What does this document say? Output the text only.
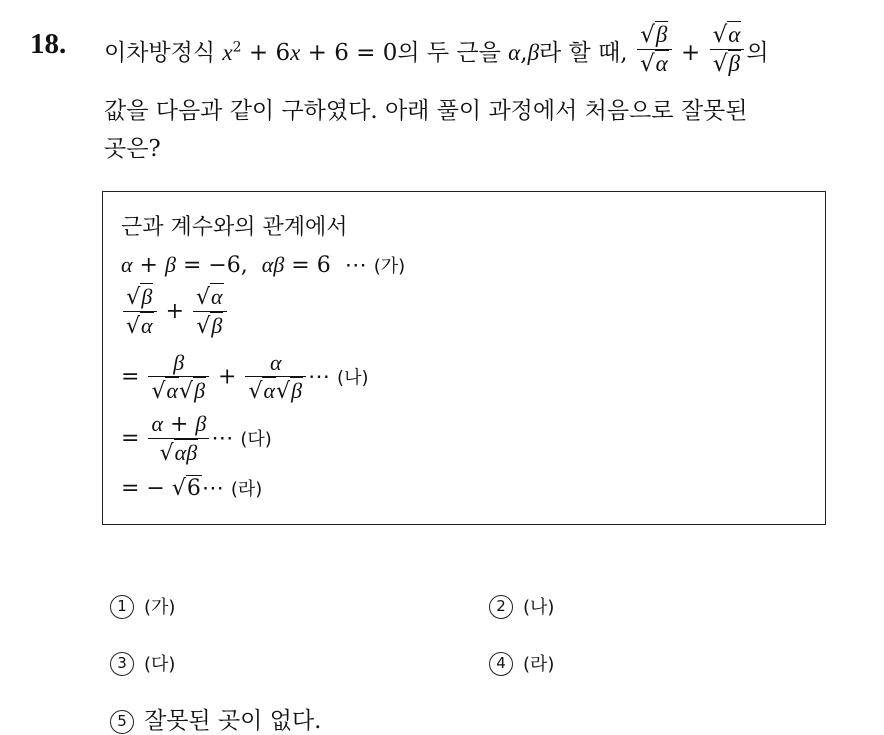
18. 이차방정식 $x^2 + 6x + 6 = 0$의 두 근을 α,β라 할 때, $\frac{√\beta}{√\alpha} + \frac{√\alpha}{√\beta}$ 의
값을 다음과 같이 구하였다. 아래 풀이 과정에서 처음으로 잘못된
곳은?
근과 계수와의 관계에서
α + β = −6,  αβ = 6  ⋯ (가)
$\frac{√\beta}{√\alpha} + \frac{√\alpha}{√\beta}$
= $\frac{\beta}{√\alpha√\beta} + \frac{\alpha}{√\alpha√\beta}$ ⋯ (나)
= $\frac{\alpha + \beta}{√\alpha\beta}$ ⋯ (다)
= − √6⋯ (라)
1 (가)	2 (나)
3 (다)	4 (라)
5 잘못된 곳이 없다.
